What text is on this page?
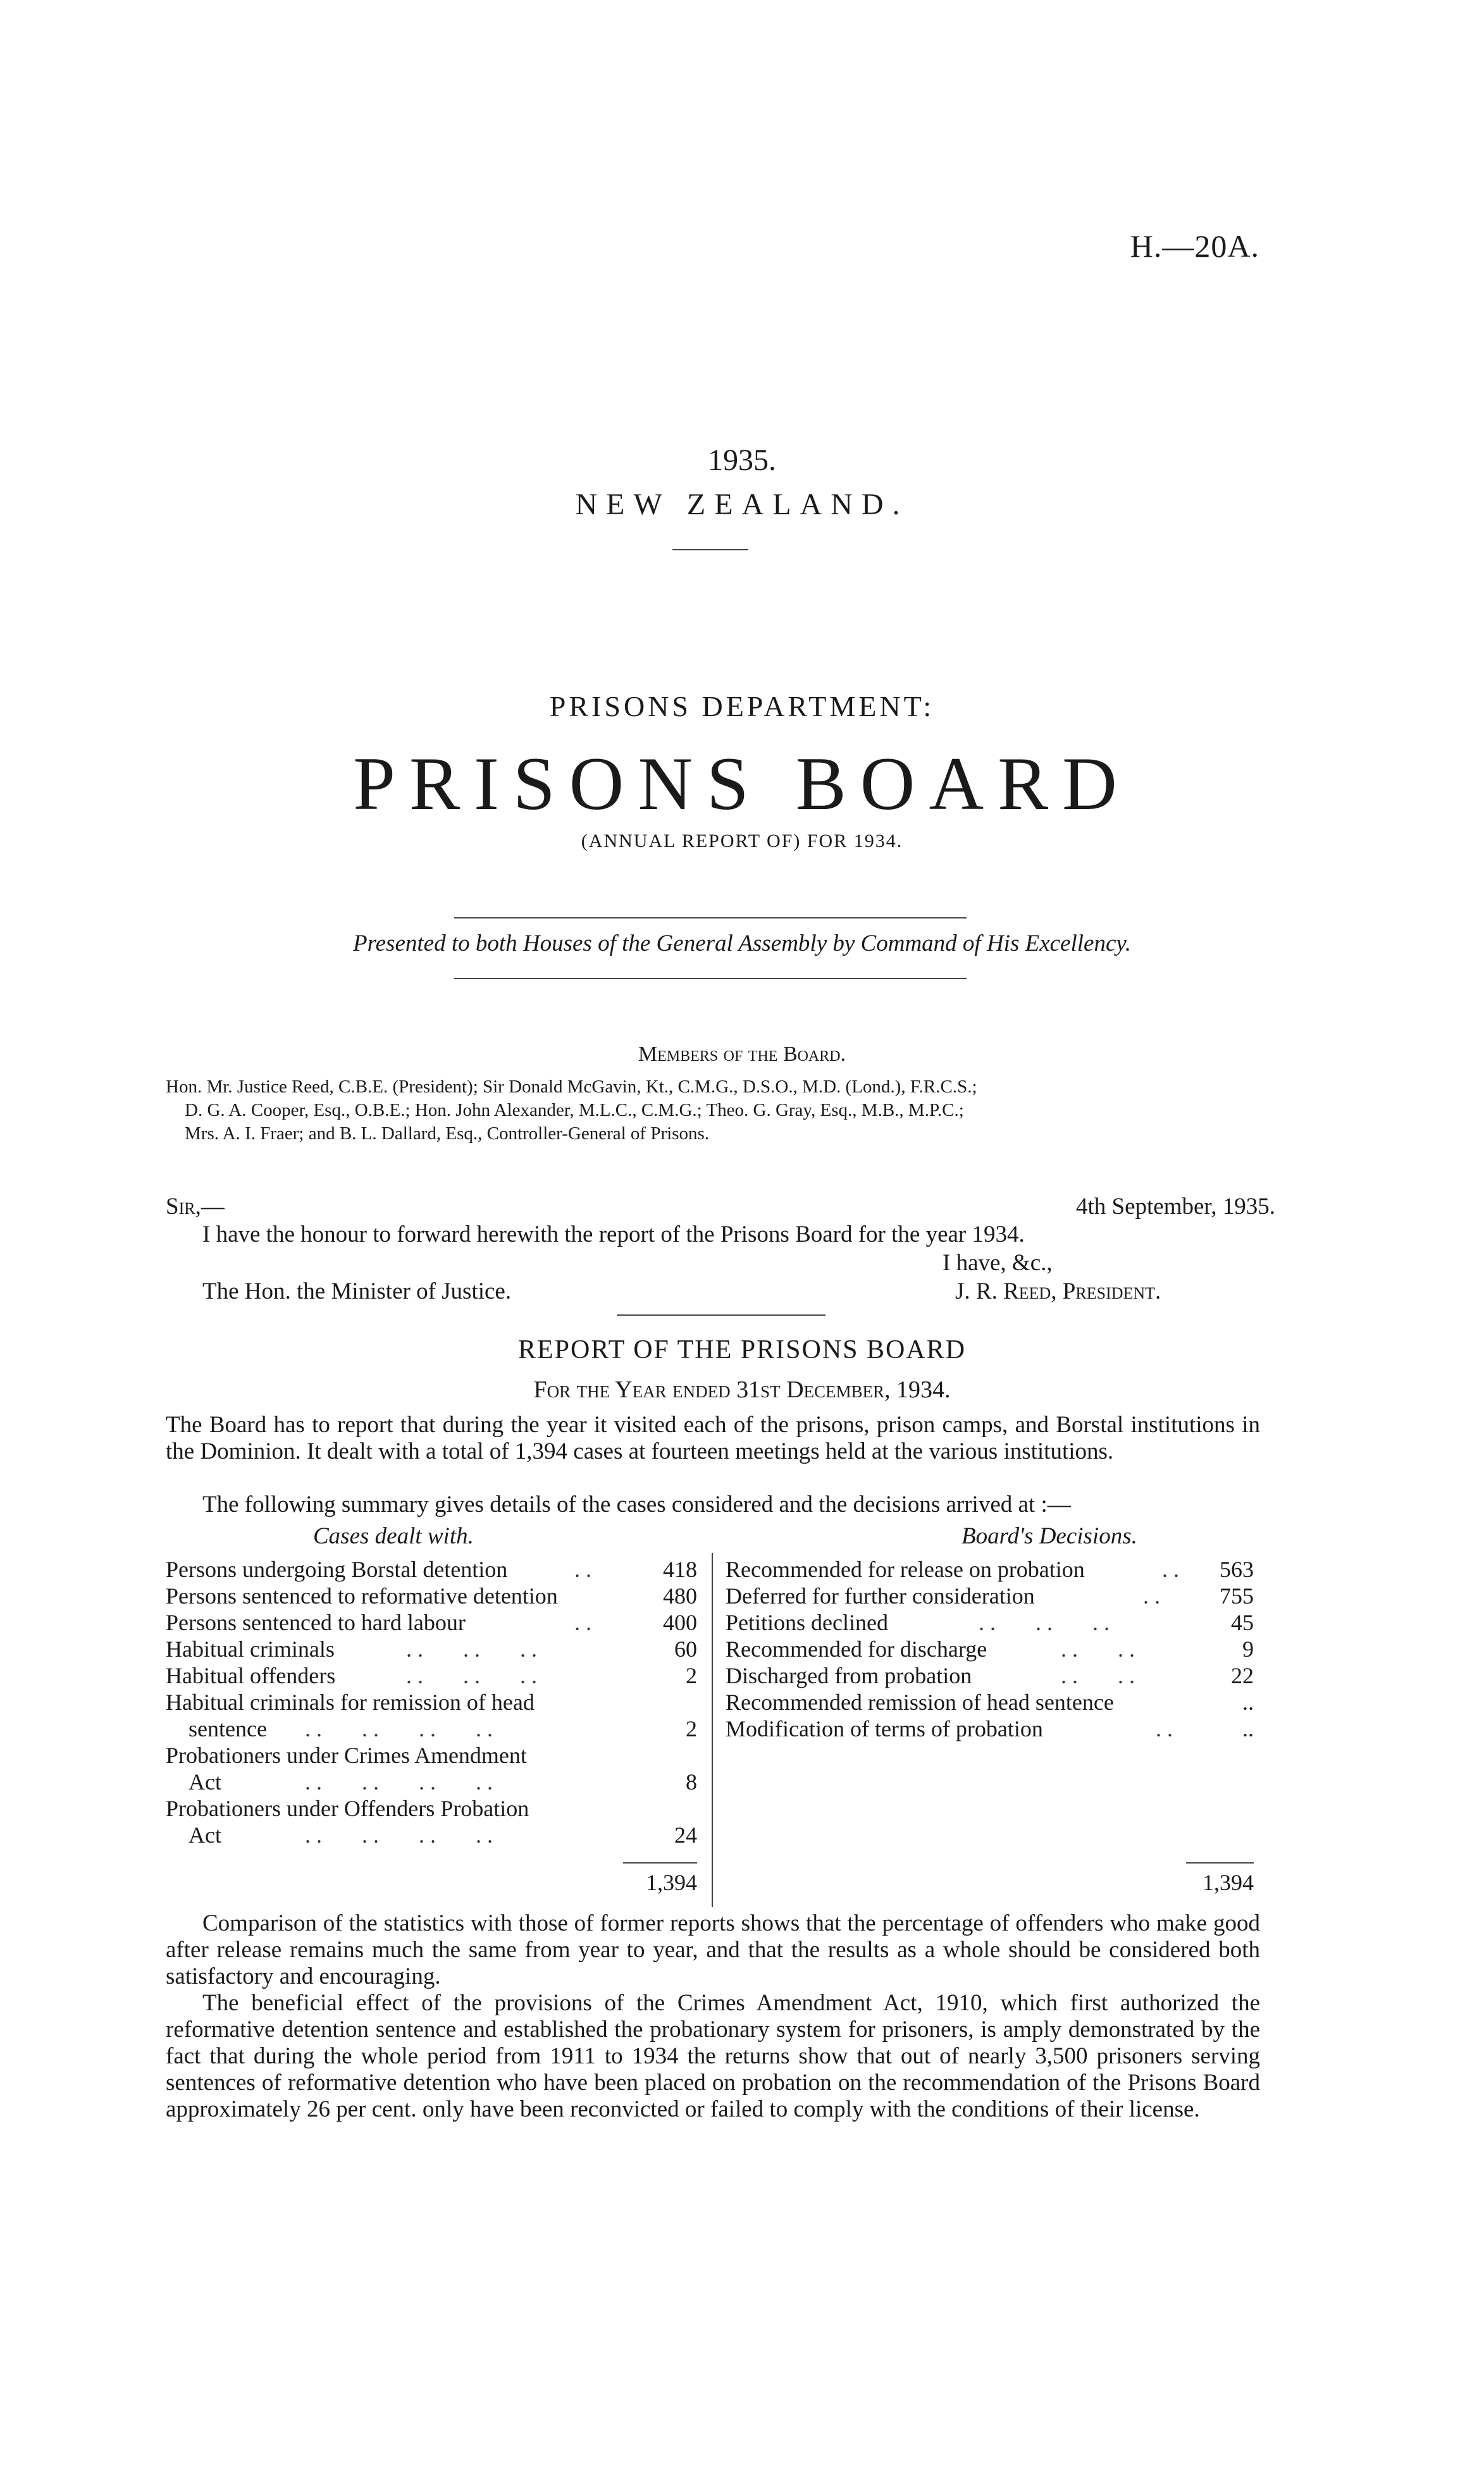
H.—20A.
1935.
NEW ZEALAND.
PRISONS DEPARTMENT:
PRISONS BOARD
(ANNUAL REPORT OF) FOR 1934.
Presented to both Houses of the General Assembly by Command of His Excellency.
Members of the Board.
Hon. Mr. Justice Reed, C.B.E. (President); Sir Donald McGavin, Kt., C.M.G., D.S.O., M.D. (Lond.), F.R.C.S.;
D. G. A. Cooper, Esq., O.B.E.; Hon. John Alexander, M.L.C., C.M.G.; Theo. G. Gray, Esq., M.B., M.P.C.;
Mrs. A. I. Fraer; and B. L. Dallard, Esq., Controller-General of Prisons.
Sir,—	4th September, 1935.
I have the honour to forward herewith the report of the Prisons Board for the year 1934.
I have, &c.,
The Hon. the Minister of Justice.	J. R. Reed, President.
REPORT OF THE PRISONS BOARD
For the Year ended 31st December, 1934.
The Board has to report that during the year it visited each of the prisons, prison camps, and Borstal institutions in the Dominion. It dealt with a total of 1,394 cases at fourteen meetings held at the various institutions.
The following summary gives details of the cases considered and the decisions arrived at :—
Cases dealt with.	Board's Decisions.
Persons undergoing Borstal detention	. .	418
Persons sentenced to reformative detention	480
Persons sentenced to hard labour	. .	400
Habitual criminals	. .       . .       . .	60
Habitual offenders	. .       . .       . .	2
Habitual criminals for remission of head
sentence . .       . .       . .       . .	2
Probationers under Crimes Amendment
Act	. .       . .       . .       . .	8
Probationers under Offenders Probation
Act	. .       . .       . .       . .	24
1,394
Recommended for release on probation	. . 563
Deferred for further consideration	. .	755
Petitions declined	. .       . .       . .	45
Recommended for discharge	. .       . .	9
Discharged from probation	. .       . .	22
Recommended remission of head sentence	..
Modification of terms of probation	. .	..
1,394
Comparison of the statistics with those of former reports shows that the percentage of offenders who make good after release remains much the same from year to year, and that the results as a whole should be considered both satisfactory and encouraging.
The beneficial effect of the provisions of the Crimes Amendment Act, 1910, which first authorized the reformative detention sentence and established the probationary system for prisoners, is amply demonstrated by the fact that during the whole period from 1911 to 1934 the returns show that out of nearly 3,500 prisoners serving sentences of reformative detention who have been placed on probation on the recommendation of the Prisons Board approximately 26 per cent. only have been reconvicted or failed to comply with the conditions of their license.
